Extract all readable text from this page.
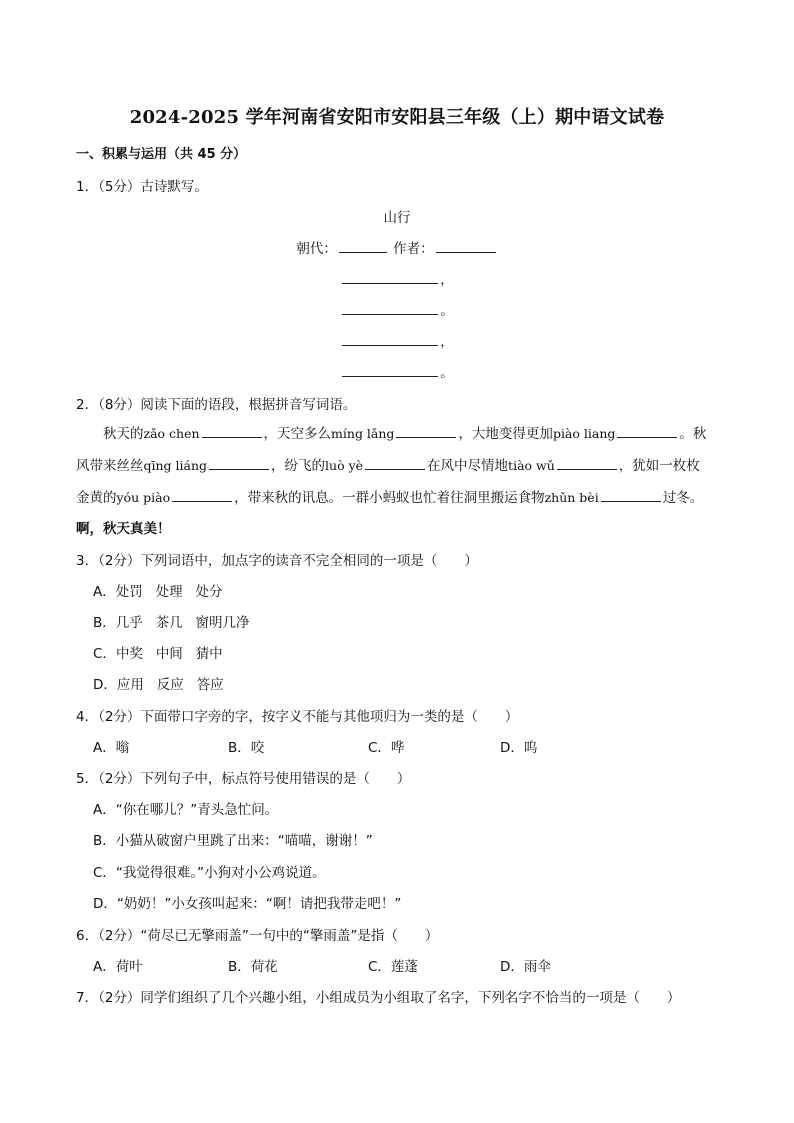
2024-2025 学年河南省安阳市安阳县三年级（上）期中语文试卷
一、积累与运用（共 45 分）
1．（5分）古诗默写。
山行
朝代：	作者：
，
。
，
。
2．（8分）阅读下面的语段，根据拼音写词语。
秋天的zǎo chen	，天空多么míng lǎng	，大地变得更加piào liang	。秋
风带来丝丝qīng liáng	，纷飞的luò yè	在风中尽情地tiào wǔ	，犹如一枚枚
金黄的yóu piào	，带来秋的讯息。一群小蚂蚁也忙着往洞里搬运食物zhǔn bèi	过冬。
啊，秋天真美！
3．（2分）下列词语中，加点字的读音不完全相同的一项是（　　）
A．处罚 处理 处分
B．几乎 茶几 窗明几净
C．中奖 中间 猜中
D．应用 反应 答应
4．（2分）下面带口字旁的字，按字义不能与其他项归为一类的是（　　）
A．嗡	B．咬	C．哗	D．呜
5．（2分）下列句子中，标点符号使用错误的是（　　）
A．“你在哪儿？”青头急忙问。
B．小猫从破窗户里跳了出来：“喵喵，谢谢！”
C．“我觉得很难。”小狗对小公鸡说道。
D．“奶奶！”小女孩叫起来：“啊！请把我带走吧！”
6．（2分）“荷尽已无擎雨盖”一句中的“擎雨盖”是指（　　）
A．荷叶	B．荷花	C．莲蓬	D．雨伞
7．（2分）同学们组织了几个兴趣小组，小组成员为小组取了名字，下列名字不恰当的一项是（　　）
